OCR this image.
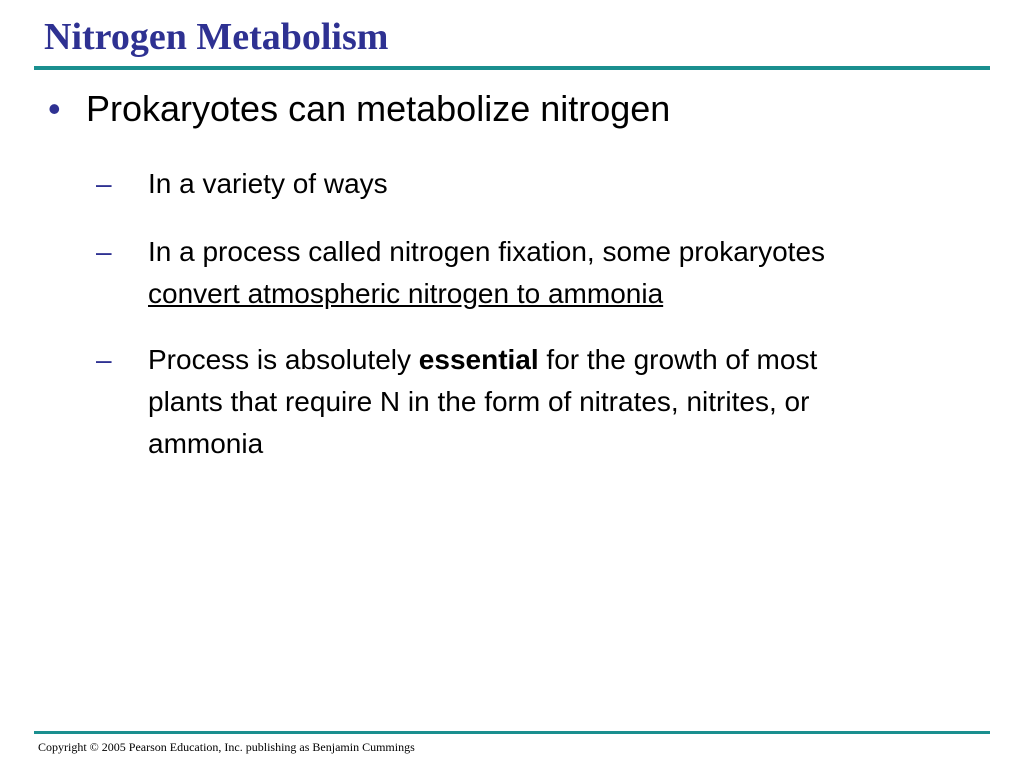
Nitrogen Metabolism
• Prokaryotes can metabolize nitrogen
–	In a variety of ways
–	In a process called nitrogen fixation, some prokaryotes
convert atmospheric nitrogen to ammonia
–	Process is absolutely essential for the growth of most
plants that require N in the form of nitrates, nitrites, or
ammonia
Copyright © 2005 Pearson Education, Inc. publishing as Benjamin Cummings
